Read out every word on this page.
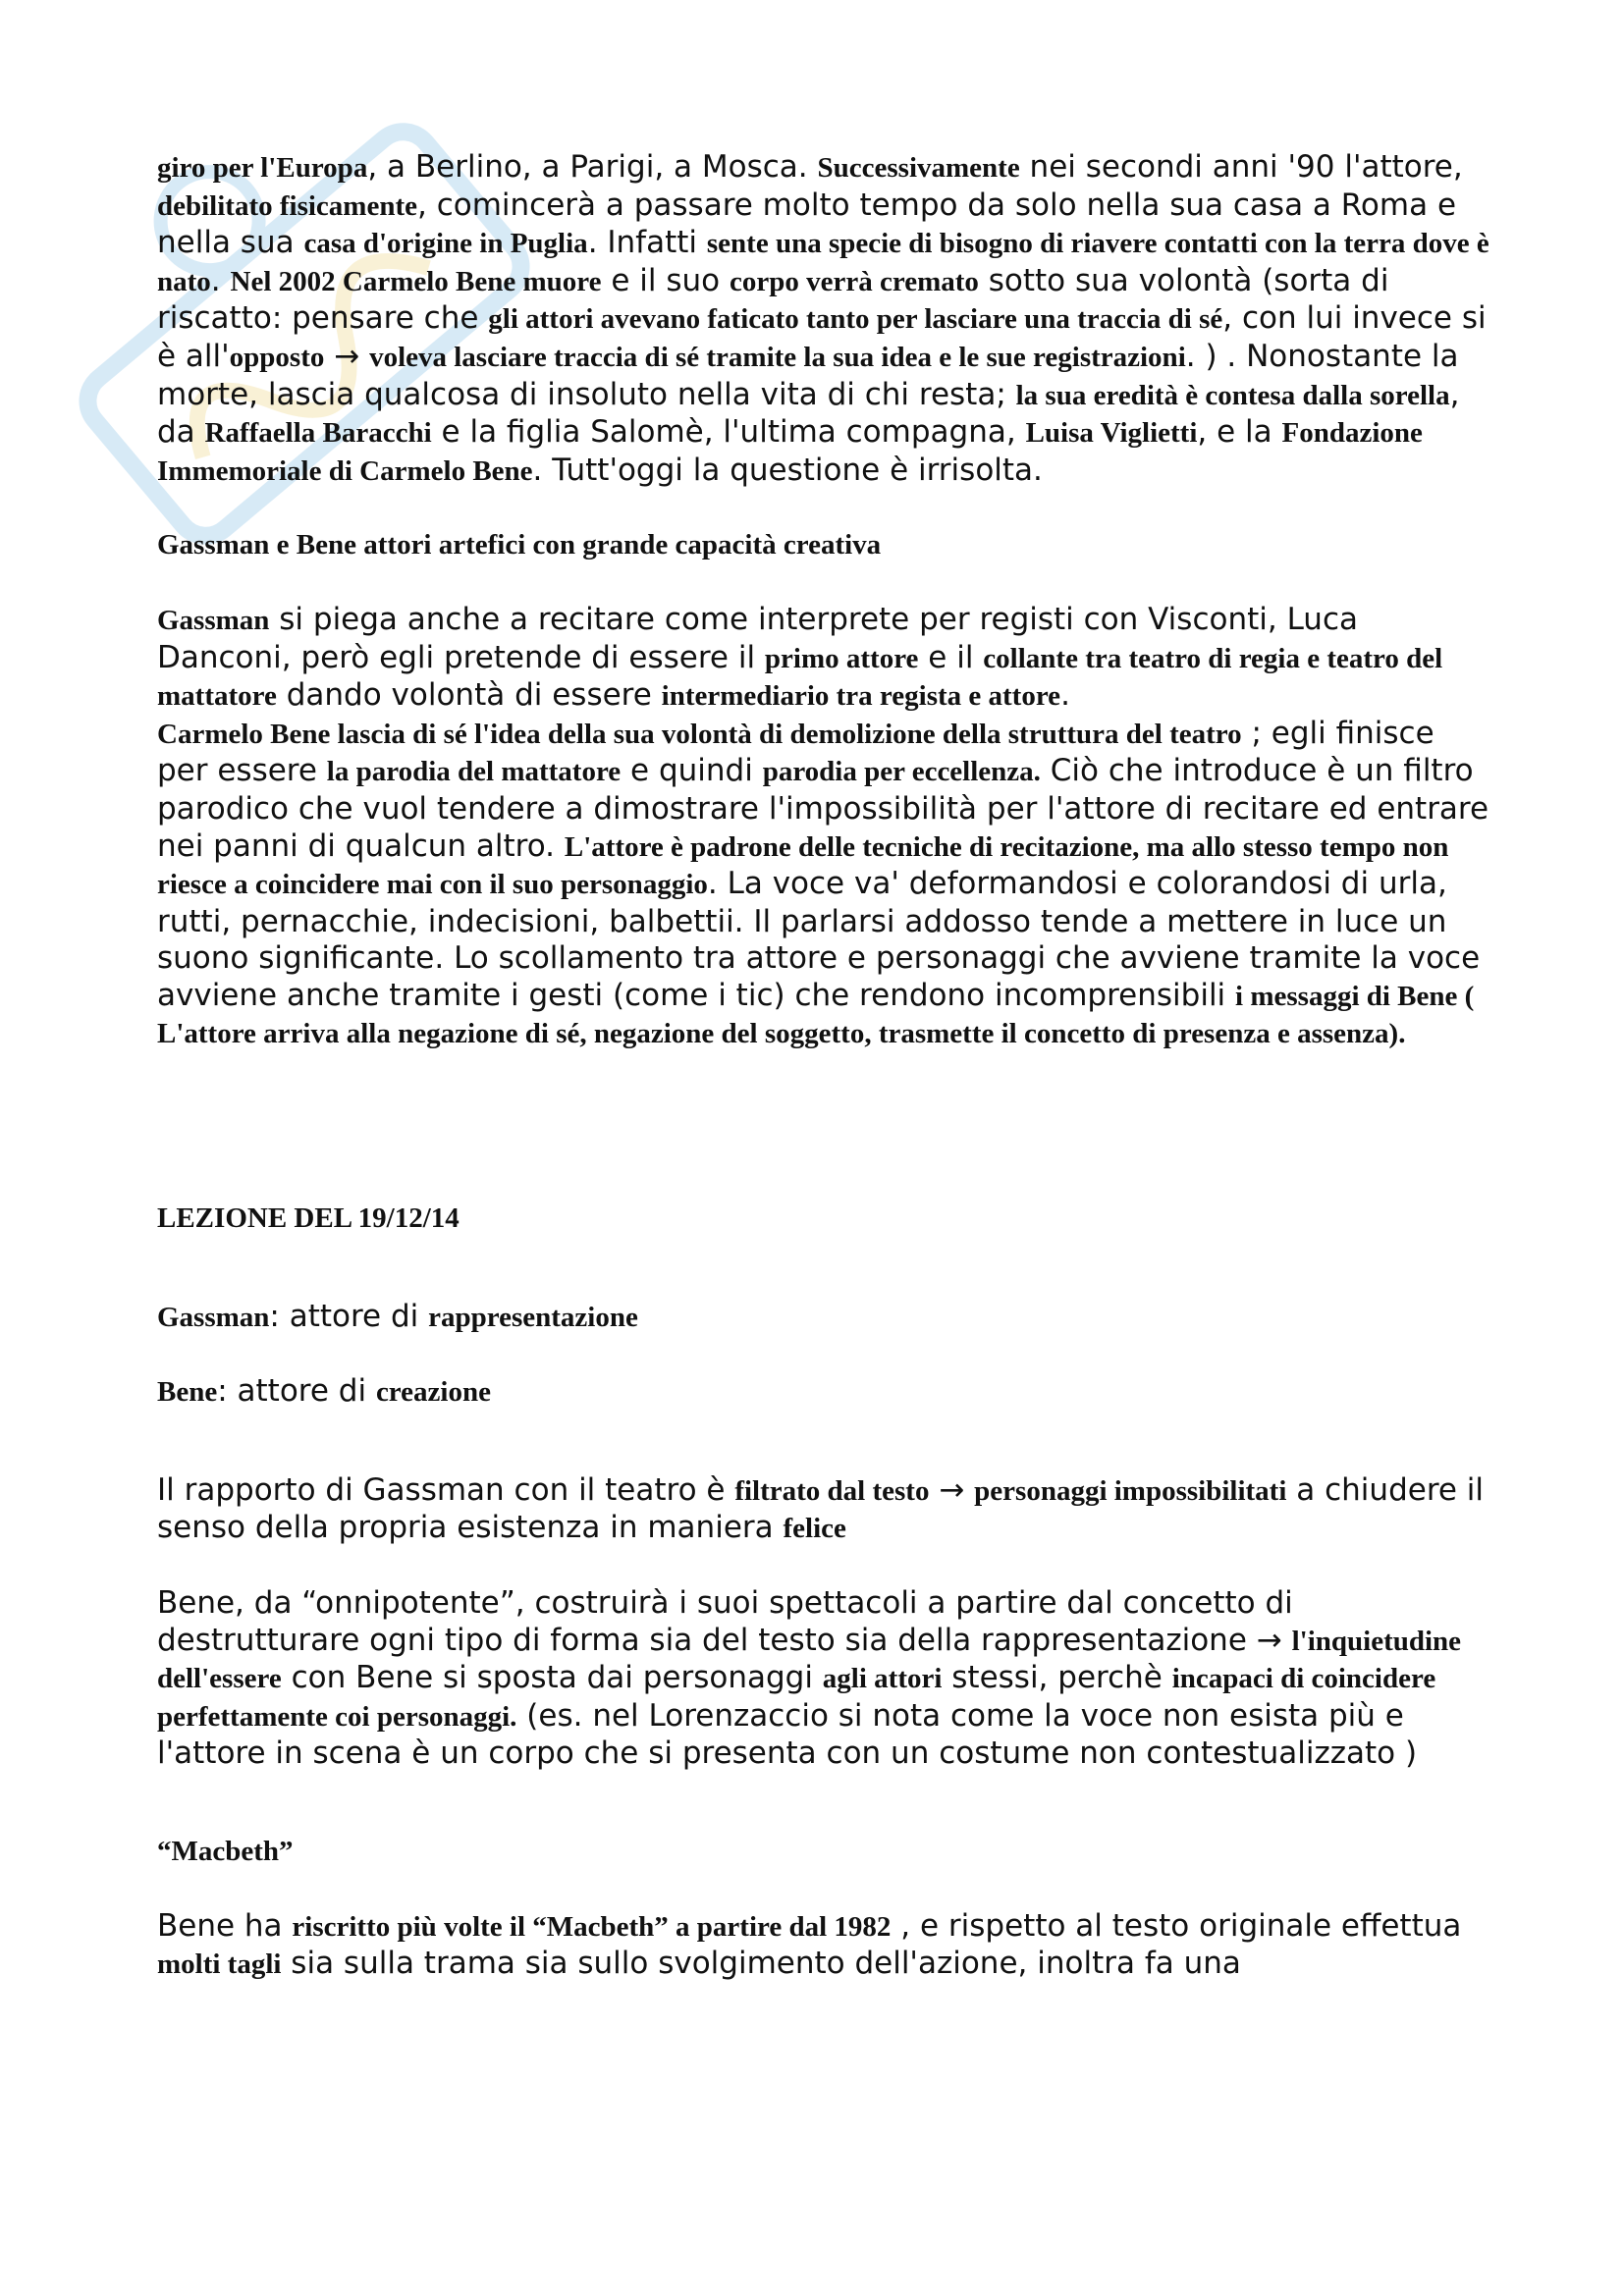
giro per l'Europa, a Berlino, a Parigi, a Mosca. Successivamente nei secondi anni '90 l'attore, debilitato fisicamente, comincerà a passare molto tempo da solo nella sua casa a Roma e nella sua casa d'origine in Puglia. Infatti sente una specie di bisogno di riavere contatti con la terra dove è nato. Nel 2002 Carmelo Bene muore e il suo corpo verrà cremato sotto sua volontà (sorta di riscatto: pensare che gli attori avevano faticato tanto per lasciare una traccia di sé, con lui invece si è all'opposto → voleva lasciare traccia di sé tramite la sua idea e le sue registrazioni. ) . Nonostante la morte, lascia qualcosa di insoluto nella vita di chi resta; la sua eredità è contesa dalla sorella, da Raffaella Baracchi e la figlia Salomè, l'ultima compagna, Luisa Viglietti, e la Fondazione Immemoriale di Carmelo Bene. Tutt'oggi la questione è irrisolta.

Gassman e Bene attori artefici con grande capacità creativa

Gassman si piega anche a recitare come interprete per registi con Visconti, Luca Danconi, però egli pretende di essere il primo attore e il collante tra teatro di regia e teatro del mattatore dando volontà di essere intermediario tra regista e attore.

Carmelo Bene lascia di sé l'idea della sua volontà di demolizione della struttura del teatro ; egli finisce per essere la parodia del mattatore e quindi parodia per eccellenza. Ciò che introduce è un filtro parodico che vuol tendere a dimostrare l'impossibilità per l'attore di recitare ed entrare nei panni di qualcun altro. L'attore è padrone delle tecniche di recitazione, ma allo stesso tempo non riesce a coincidere mai con il suo personaggio. La voce va' deformandosi e colorandosi di urla, rutti, pernacchie, indecisioni, balbettii. Il parlarsi addosso tende a mettere in luce un suono significante. Lo scollamento tra attore e personaggi che avviene tramite la voce avviene anche tramite i gesti (come i tic) che rendono incomprensibili i messaggi di Bene ( L'attore arriva alla negazione di sé, negazione del soggetto, trasmette il concetto di presenza e assenza).

LEZIONE DEL 19/12/14

Gassman: attore di rappresentazione

Bene: attore di creazione

Il rapporto di Gassman con il teatro è filtrato dal testo → personaggi impossibilitati a chiudere il senso della propria esistenza in maniera felice

Bene, da “onnipotente”, costruirà i suoi spettacoli a partire dal concetto di destrutturare ogni tipo di forma sia del testo sia della rappresentazione → l'inquietudine dell'essere con Bene si sposta dai personaggi agli attori stessi, perchè incapaci di coincidere perfettamente coi personaggi. (es. nel Lorenzaccio si nota come la voce non esista più e l'attore in scena è un corpo che si presenta con un costume non contestualizzato )

“Macbeth”

Bene ha riscritto più volte il “Macbeth” a partire dal 1982 , e rispetto al testo originale effettua molti tagli sia sulla trama sia sullo svolgimento dell'azione, inoltra fa una
